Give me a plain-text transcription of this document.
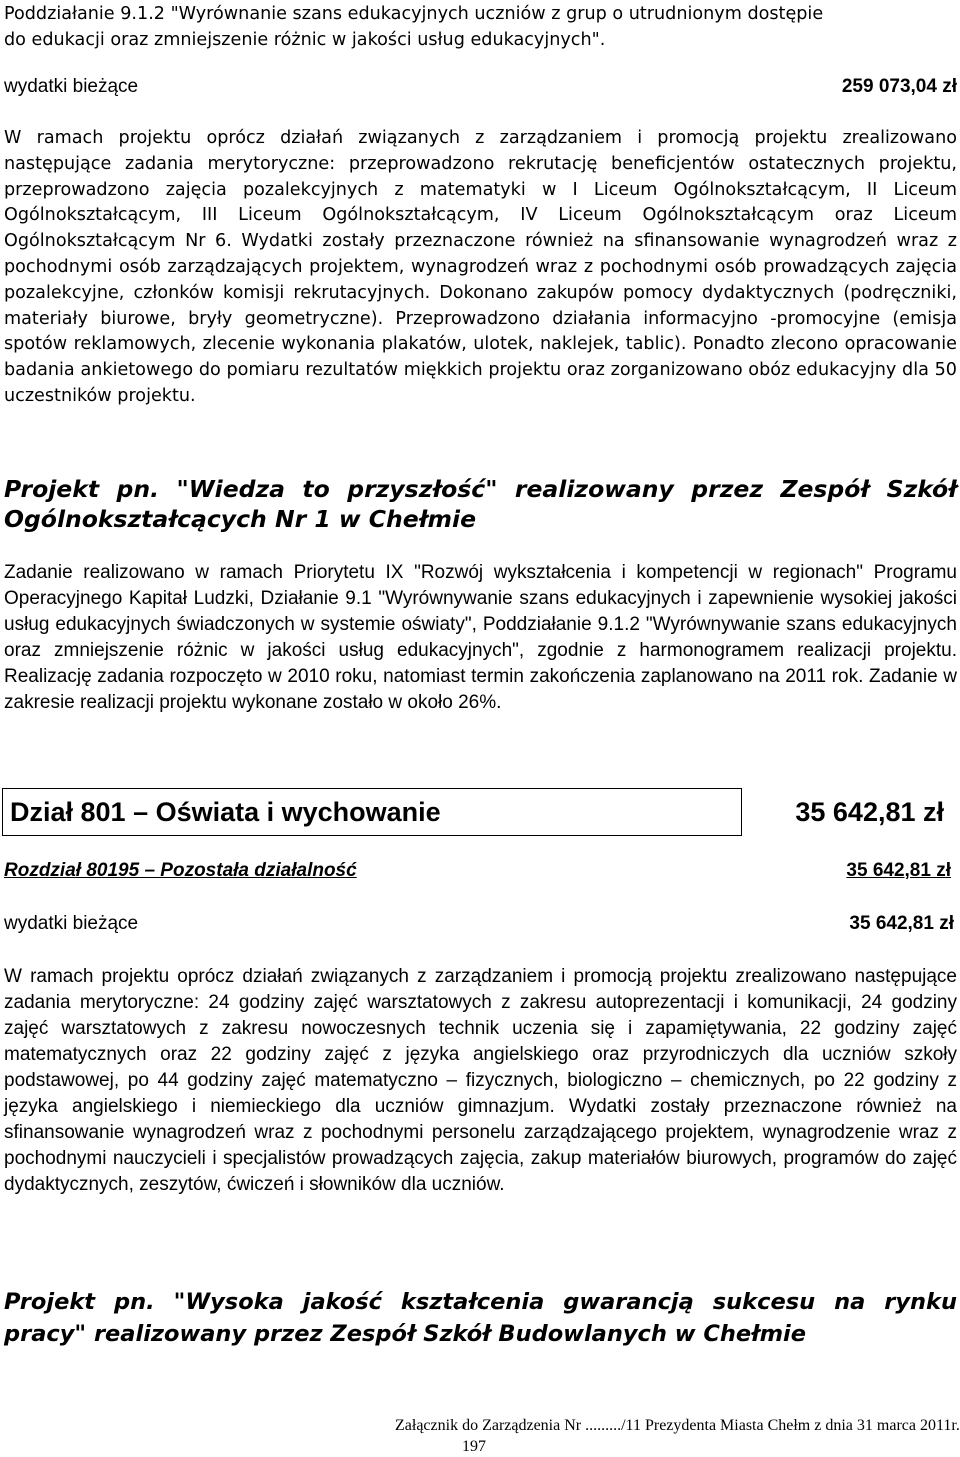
Poddziałanie 9.1.2 "Wyrównanie szans edukacyjnych uczniów z grup o utrudnionym dostępie
do edukacji oraz zmniejszenie różnic w jakości usług edukacyjnych".
wydatki bieżące	259 073,04 zł

W ramach projektu oprócz działań związanych z zarządzaniem i promocją projektu zrealizowano następujące zadania merytoryczne: przeprowadzono rekrutację beneficjentów ostatecznych projektu, przeprowadzono zajęcia pozalekcyjnych z matematyki w I Liceum Ogólnokształcącym, II Liceum Ogólnokształcącym, III Liceum Ogólnokształcącym, IV Liceum Ogólnokształcącym oraz Liceum Ogólnokształcącym Nr 6. Wydatki zostały przeznaczone również na sfinansowanie wynagrodzeń wraz z pochodnymi osób zarządzających projektem, wynagrodzeń wraz z pochodnymi osób prowadzących zajęcia pozalekcyjne, członków komisji rekrutacyjnych. Dokonano zakupów pomocy dydaktycznych (podręczniki, materiały biurowe, bryły geometryczne). Przeprowadzono działania informacyjno -promocyjne (emisja spotów reklamowych, zlecenie wykonania plakatów, ulotek, naklejek, tablic). Ponadto zlecono opracowanie badania ankietowego do pomiaru rezultatów miękkich projektu oraz zorganizowano obóz edukacyjny dla 50 uczestników projektu.

Projekt pn. "Wiedza to przyszłość" realizowany przez Zespół Szkół Ogólnokształcących Nr 1 w Chełmie

Zadanie realizowano w ramach Priorytetu IX "Rozwój wykształcenia i kompetencji w regionach" Programu Operacyjnego Kapitał Ludzki, Działanie 9.1 "Wyrównywanie szans edukacyjnych i zapewnienie wysokiej jakości usług edukacyjnych świadczonych w systemie oświaty", Poddziałanie 9.1.2 "Wyrównywanie szans edukacyjnych oraz zmniejszenie różnic w jakości usług edukacyjnych", zgodnie z harmonogramem realizacji projektu. Realizację zadania rozpoczęto w 2010 roku, natomiast termin zakończenia zaplanowano na 2011 rok. Zadanie w zakresie realizacji projektu wykonane zostało w około 26%.

Dział 801 – Oświata i wychowanie	35 642,81 zł
Rozdział 80195 – Pozostała działalność	35 642,81 zł
wydatki bieżące	35 642,81 zł

W ramach projektu oprócz działań związanych z zarządzaniem i promocją projektu zrealizowano następujące zadania merytoryczne: 24 godziny zajęć warsztatowych z zakresu autoprezentacji i komunikacji, 24 godziny zajęć warsztatowych z zakresu nowoczesnych technik uczenia się i zapamiętywania, 22 godziny zajęć matematycznych oraz 22 godziny zajęć z języka angielskiego oraz przyrodniczych dla uczniów szkoły podstawowej, po 44 godziny zajęć matematyczno – fizycznych, biologiczno – chemicznych, po 22 godziny z języka angielskiego i niemieckiego dla uczniów gimnazjum. Wydatki zostały przeznaczone również na sfinansowanie wynagrodzeń wraz z pochodnymi personelu zarządzającego projektem, wynagrodzenie wraz z pochodnymi nauczycieli i specjalistów prowadzących zajęcia, zakup materiałów biurowych, programów do zajęć dydaktycznych, zeszytów, ćwiczeń i słowników dla uczniów.

Projekt pn. "Wysoka jakość kształcenia gwarancją sukcesu na rynku pracy" realizowany przez Zespół Szkół Budowlanych w Chełmie
Załącznik do Zarządzenia Nr ........./11 Prezydenta Miasta Chełm z dnia 31 marca 2011r.
197
